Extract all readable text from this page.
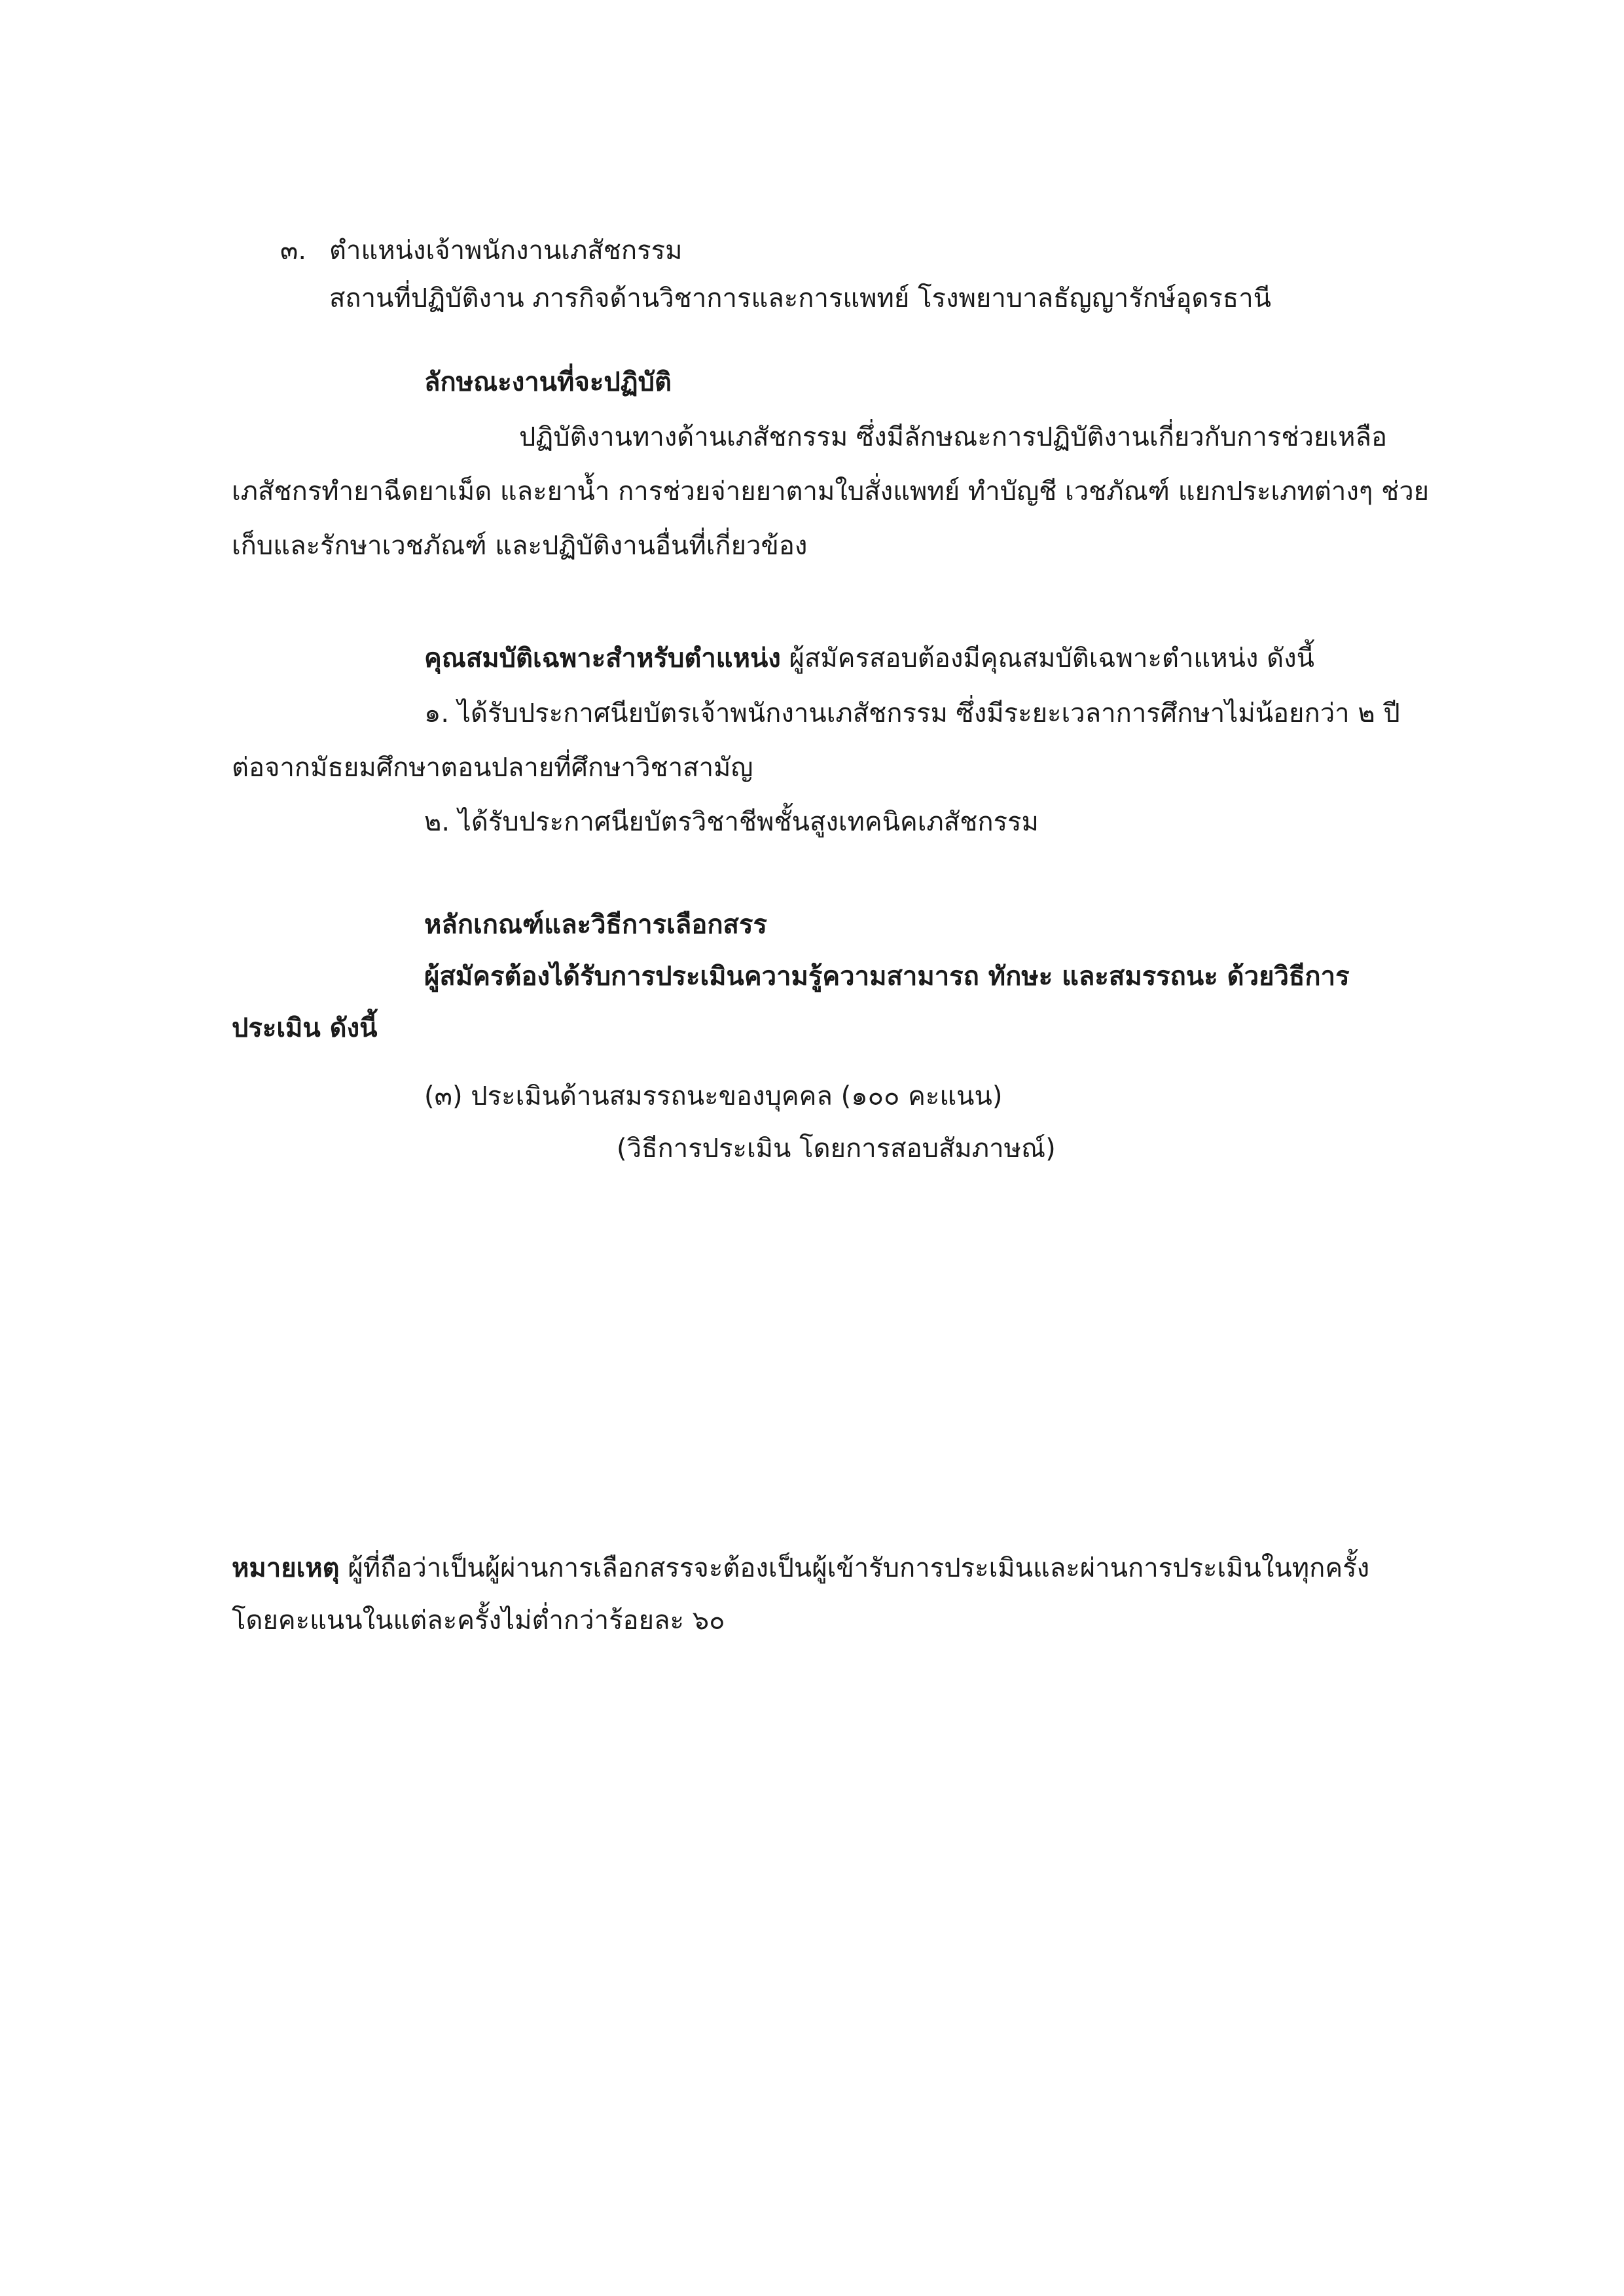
๓. ตำแหน่งเจ้าพนักงานเภสัชกรรม
สถานที่ปฏิบัติงาน ภารกิจด้านวิชาการและการแพทย์ โรงพยาบาลธัญญารักษ์อุดรธานี
ลักษณะงานที่จะปฏิบัติ
ปฏิบัติงานทางด้านเภสัชกรรม ซึ่งมีลักษณะการปฏิบัติงานเกี่ยวกับการช่วยเหลือ
เภสัชกรทำยาฉีดยาเม็ด และยาน้ำ การช่วยจ่ายยาตามใบสั่งแพทย์ ทำบัญชี เวชภัณฑ์ แยกประเภทต่างๆ ช่วย
เก็บและรักษาเวชภัณฑ์ และปฏิบัติงานอื่นที่เกี่ยวข้อง
คุณสมบัติเฉพาะสำหรับตำแหน่ง ผู้สมัครสอบต้องมีคุณสมบัติเฉพาะตำแหน่ง ดังนี้
๑. ได้รับประกาศนียบัตรเจ้าพนักงานเภสัชกรรม ซึ่งมีระยะเวลาการศึกษาไม่น้อยกว่า ๒ ปี
ต่อจากมัธยมศึกษาตอนปลายที่ศึกษาวิชาสามัญ
๒. ได้รับประกาศนียบัตรวิชาชีพชั้นสูงเทคนิคเภสัชกรรม
หลักเกณฑ์และวิธีการเลือกสรร
ผู้สมัครต้องได้รับการประเมินความรู้ความสามารถ ทักษะ และสมรรถนะ ด้วยวิธีการ
ประเมิน ดังนี้
(๓) ประเมินด้านสมรรถนะของบุคคล (๑๐๐ คะแนน)
(วิธีการประเมิน โดยการสอบสัมภาษณ์)
หมายเหตุ ผู้ที่ถือว่าเป็นผู้ผ่านการเลือกสรรจะต้องเป็นผู้เข้ารับการประเมินและผ่านการประเมินในทุกครั้ง
โดยคะแนนในแต่ละครั้งไม่ต่ำกว่าร้อยละ ๖๐
